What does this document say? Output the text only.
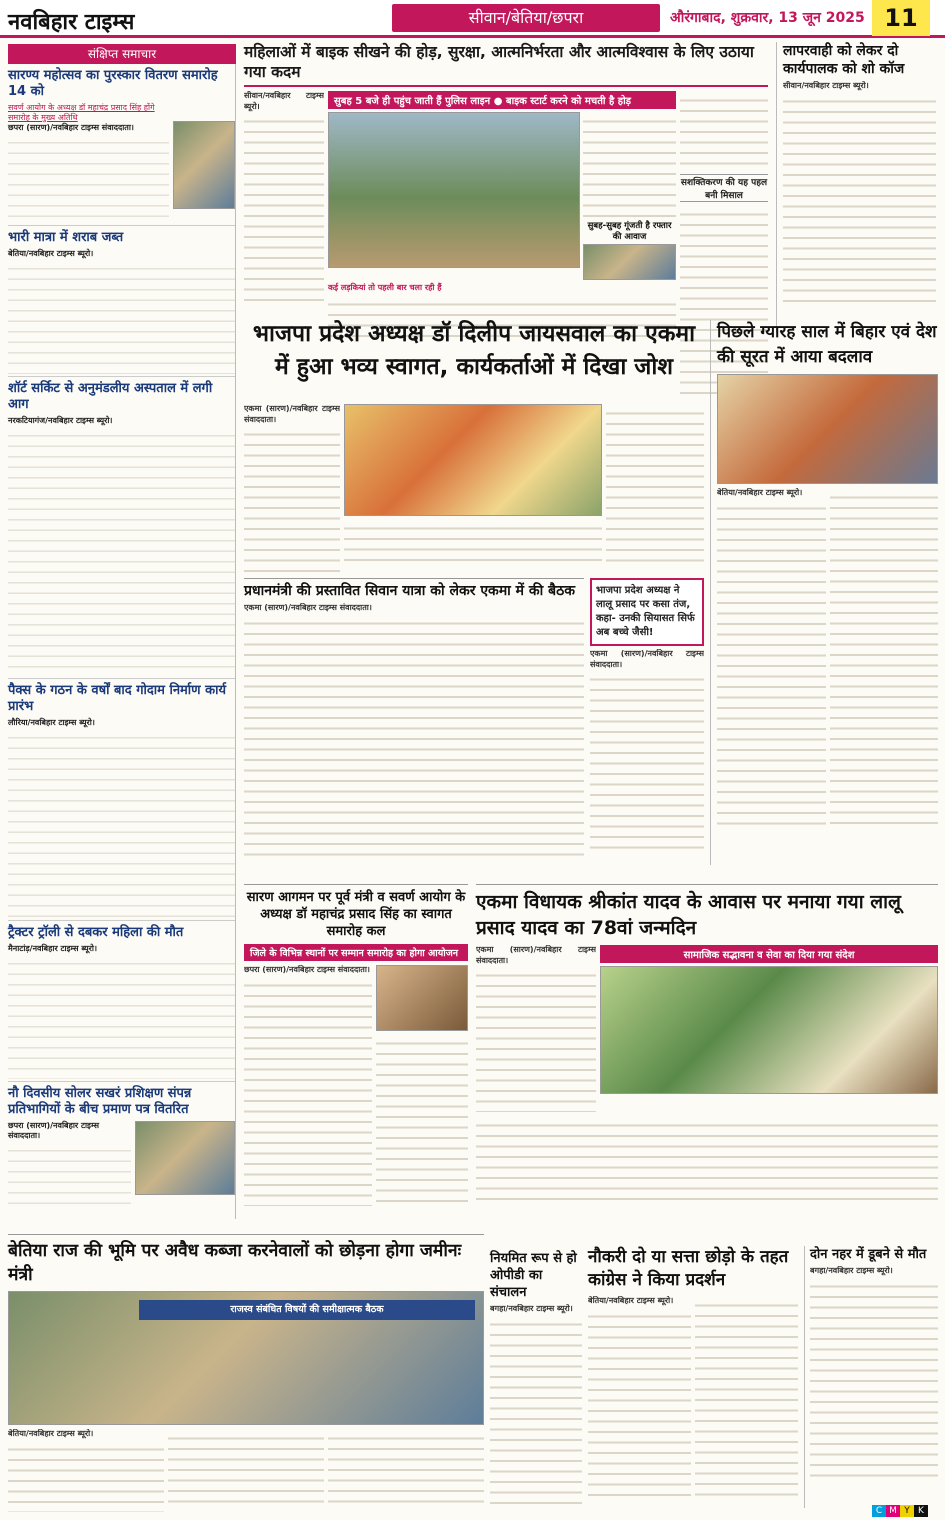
नवबिहार टाइम्स	सीवान/बेतिया/छपरा	औरंगाबाद, शुक्रवार, 13 जून 2025 11
संक्षिप्त समाचार
सारण्य महोत्सव का पुरस्कार वितरण समारोह 14 को
सवर्ण आयोग के अध्यक्ष डॉ महाचंद्र प्रसाद सिंह होंगे समारोह के मुख्य अतिथि
छपरा (सारण)/नवबिहार टाइम्स संवाददाता।

भारी मात्रा में शराब जब्त
बेतिया/नवबिहार टाइम्स ब्यूरो।

शॉर्ट सर्किट से अनुमंडलीय अस्पताल में लगी आग
नरकटियागंज/नवबिहार टाइम्स ब्यूरो।

पैक्स के गठन के वर्षों बाद गोदाम निर्माण कार्य प्रारंभ
लौरिया/नवबिहार टाइम्स ब्यूरो।

ट्रैक्टर ट्रॉली से दबकर महिला की मौत
मैनाटांड़/नवबिहार टाइम्स ब्यूरो।

नौ दिवसीय सोलर सखरं प्रशिक्षण संपन्न प्रतिभागियों के बीच प्रमाण पत्र वितरित
छपरा (सारण)/नवबिहार टाइम्स संवाददाता।

महिलाओं में बाइक सीखने की होड़, सुरक्षा, आत्मनिर्भरता और आत्मविश्वास के लिए उठाया गया कदम
सीवान/नवबिहार टाइम्स ब्यूरो।	सुबह 5 बजे ही पहुंच जाती हैं पुलिस लाइन ● बाइक स्टार्ट करने को मचती है होड़
सुबह-सुबह गूंजती है रफ्तार की आवाज
कई लड़कियां तो पहली बार चला रही हैं
सशक्तिकरण की यह पहल बनी मिसाल
लापरवाही को लेकर दो कार्यपालक को शो कॉज
सीवान/नवबिहार टाइम्स ब्यूरो।
भाजपा प्रदेश अध्यक्ष डॉ दिलीप जायसवाल का एकमा में हुआ भव्य स्वागत, कार्यकर्ताओं में दिखा जोश
एकमा (सारण)/नवबिहार टाइम्स संवाददाता।
पिछले ग्यारह साल में बिहार एवं देश की सूरत में आया बदलाव
बेतिया/नवबिहार टाइम्स ब्यूरो।
प्रधानमंत्री की प्रस्तावित सिवान यात्रा को लेकर एकमा में की बैठक
एकमा (सारण)/नवबिहार टाइम्स संवाददाता।
भाजपा प्रदेश अध्यक्ष ने लालू प्रसाद पर कसा तंज, कहा- उनकी सियासत सिर्फ अब बच्चे जैसी!
एकमा (सारण)/नवबिहार टाइम्स संवाददाता।
सारण आगमन पर पूर्व मंत्री व सवर्ण आयोग के अध्यक्ष डॉ महाचंद्र प्रसाद सिंह का स्वागत समारोह कल
जिले के विभिन्न स्थानों पर सम्मान समारोह का होगा आयोजन
छपरा (सारण)/नवबिहार टाइम्स संवाददाता।
एकमा विधायक श्रीकांत यादव के आवास पर मनाया गया लालू प्रसाद यादव का 78वां जन्मदिन
एकमा (सारण)/नवबिहार टाइम्स संवाददाता।	सामाजिक सद्भावना व सेवा का दिया गया संदेश
बेतिया राज की भूमि पर अवैध कब्जा करनेवालों को छोड़ना होगा जमीनः मंत्री
राजस्व संबंधित विषयों की समीक्षात्मक बैठक
बेतिया/नवबिहार टाइम्स ब्यूरो।
नियमित रूप से हो ओपीडी का संचालन
बगहा/नवबिहार टाइम्स ब्यूरो।
नौकरी दो या सत्ता छोड़ो के तहत कांग्रेस ने किया प्रदर्शन
बेतिया/नवबिहार टाइम्स ब्यूरो।
दोन नहर में डूबने से मौत
बगहा/नवबिहार टाइम्स ब्यूरो।
C M Y K
